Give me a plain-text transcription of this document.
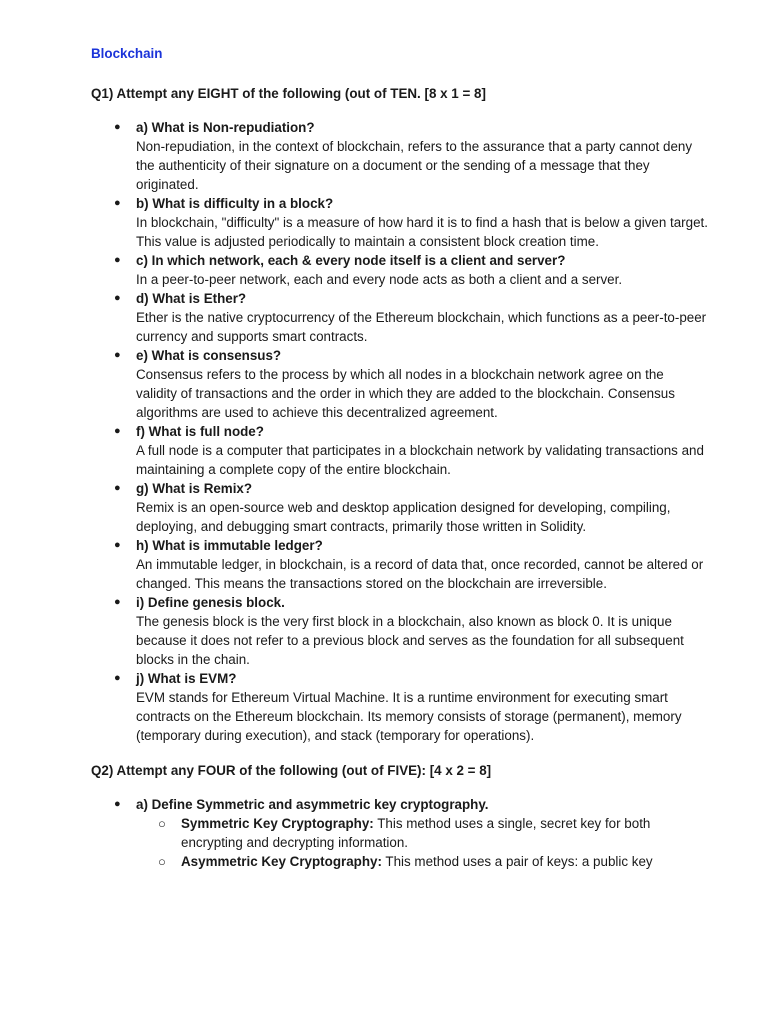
Blockchain
Q1) Attempt any EIGHT of the following (out of TEN. [8 x 1 = 8]
● a) What is Non-repudiation?
Non-repudiation, in the context of blockchain, refers to the assurance that a party cannot deny the authenticity of their signature on a document or the sending of a message that they originated.
● b) What is difficulty in a block?
In blockchain, "difficulty" is a measure of how hard it is to find a hash that is below a given target. This value is adjusted periodically to maintain a consistent block creation time.
● c) In which network, each & every node itself is a client and server?
In a peer-to-peer network, each and every node acts as both a client and a server.
● d) What is Ether?
Ether is the native cryptocurrency of the Ethereum blockchain, which functions as a peer-to-peer currency and supports smart contracts.
● e) What is consensus?
Consensus refers to the process by which all nodes in a blockchain network agree on the validity of transactions and the order in which they are added to the blockchain. Consensus algorithms are used to achieve this decentralized agreement.
● f) What is full node?
A full node is a computer that participates in a blockchain network by validating transactions and maintaining a complete copy of the entire blockchain.
● g) What is Remix?
Remix is an open-source web and desktop application designed for developing, compiling, deploying, and debugging smart contracts, primarily those written in Solidity.
● h) What is immutable ledger?
An immutable ledger, in blockchain, is a record of data that, once recorded, cannot be altered or changed. This means the transactions stored on the blockchain are irreversible.
● i) Define genesis block.
The genesis block is the very first block in a blockchain, also known as block 0. It is unique because it does not refer to a previous block and serves as the foundation for all subsequent blocks in the chain.
● j) What is EVM?
EVM stands for Ethereum Virtual Machine. It is a runtime environment for executing smart contracts on the Ethereum blockchain. Its memory consists of storage (permanent), memory (temporary during execution), and stack (temporary for operations).
Q2) Attempt any FOUR of the following (out of FIVE): [4 x 2 = 8]
● a) Define Symmetric and asymmetric key cryptography.
○ Symmetric Key Cryptography: This method uses a single, secret key for both encrypting and decrypting information.
○ Asymmetric Key Cryptography: This method uses a pair of keys: a public key
